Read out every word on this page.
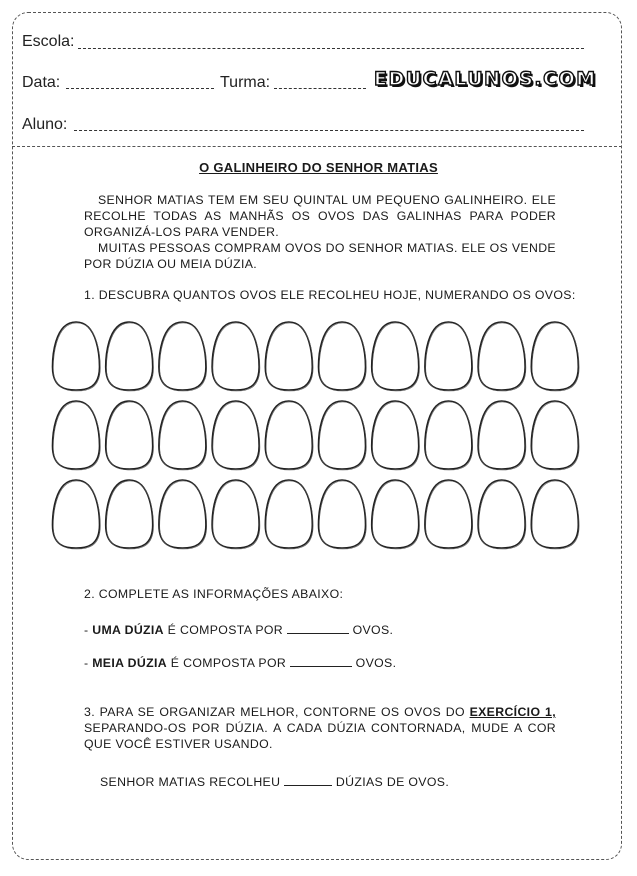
Escola:
Data:	Turma:	EDUCALUNOS.COM
Aluno:
O GALINHEIRO DO SENHOR MATIAS
SENHOR MATIAS TEM EM SEU QUINTAL UM PEQUENO GALINHEIRO. ELE RECOLHE TODAS AS MANHÃS OS OVOS DAS GALINHAS PARA PODER ORGANIZÁ-LOS PARA VENDER.
MUITAS PESSOAS COMPRAM OVOS DO SENHOR MATIAS. ELE OS VENDE POR DÚZIA OU MEIA DÚZIA.
1. DESCUBRA QUANTOS OVOS ELE RECOLHEU HOJE, NUMERANDO OS OVOS:
2. COMPLETE AS INFORMAÇÕES ABAIXO:
- UMA DÚZIA É COMPOSTA POR	OVOS.
- MEIA DÚZIA É COMPOSTA POR	OVOS.
3. PARA SE ORGANIZAR MELHOR, CONTORNE OS OVOS DO EXERCÍCIO 1, SEPARANDO-OS POR DÚZIA. A CADA DÚZIA CONTORNADA, MUDE A COR QUE VOCÊ ESTIVER USANDO.
SENHOR MATIAS RECOLHEU	DÚZIAS DE OVOS.
